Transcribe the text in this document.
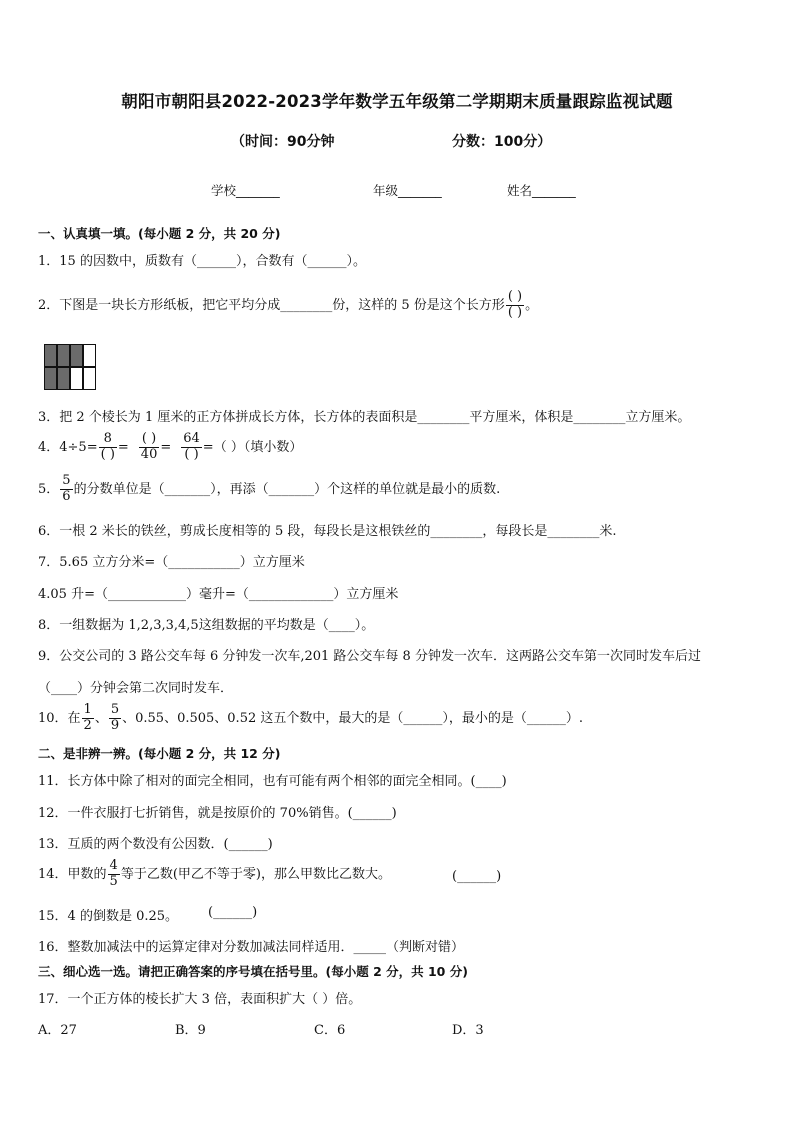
朝阳市朝阳县2022-2023学年数学五年级第二学期期末质量跟踪监视试题
（时间：90分钟	分数：100分）
学校_______	年级_______	姓名_______
一、认真填一填。(每小题 2 分，共 20 分)
1．15 的因数中，质数有（______），合数有（______）。
2．下图是一块长方形纸板，把它平均分成________份，这样的 5 份是这个长方形 $\frac{( )}{( )}$ 。
3．把 2 个棱长为 1 厘米的正方体拼成长方体，长方体的表面积是________平方厘米，体积是________立方厘米。
4．$4\div 5= \frac{8}{( )} = \frac{( )}{40} = \frac{64}{( )}$ =（ ）（填小数）
5． $\frac{5}{6}$ 的分数单位是（_______），再添（_______）个这样的单位就是最小的质数.
6．一根 2 米长的铁丝，剪成长度相等的 5 段，每段长是这根铁丝的________，每段长是________米.
7．5.65 立方分米=（___________）立方厘米
4.05 升=（____________）毫升=（_____________）立方厘米
8．一组数据为 1,2,3,3,4,5这组数据的平均数是（____）。
9．公交公司的 3 路公交车每 6 分钟发一次车,201 路公交车每 8 分钟发一次车．这两路公交车第一次同时发车后过
（____）分钟会第二次同时发车．
10．在 $\frac{1}{2}$ 、 $\frac{5}{9}$ 、0.55、0.505、0.52 这五个数中，最大的是（______），最小的是（______）.
二、是非辨一辨。(每小题 2 分，共 12 分)
11．长方体中除了相对的面完全相同，也有可能有两个相邻的面完全相同。(____)
12．一件衣服打七折销售，就是按原价的 70%销售。(______)
13．互质的两个数没有公因数．(______)
14．甲数的 $\frac{4}{5}$ 等于乙数(甲乙不等于零)，那么甲数比乙数大。	(______)
15．4 的倒数是 0.25。 (______)
16．整数加减法中的运算定律对分数加减法同样适用．_____（判断对错）
三、细心选一选。请把正确答案的序号填在括号里。(每小题 2 分，共 10 分)
17．一个正方体的棱长扩大 3 倍，表面积扩大（ ）倍。
A．27	B．9	C．6	D．3
